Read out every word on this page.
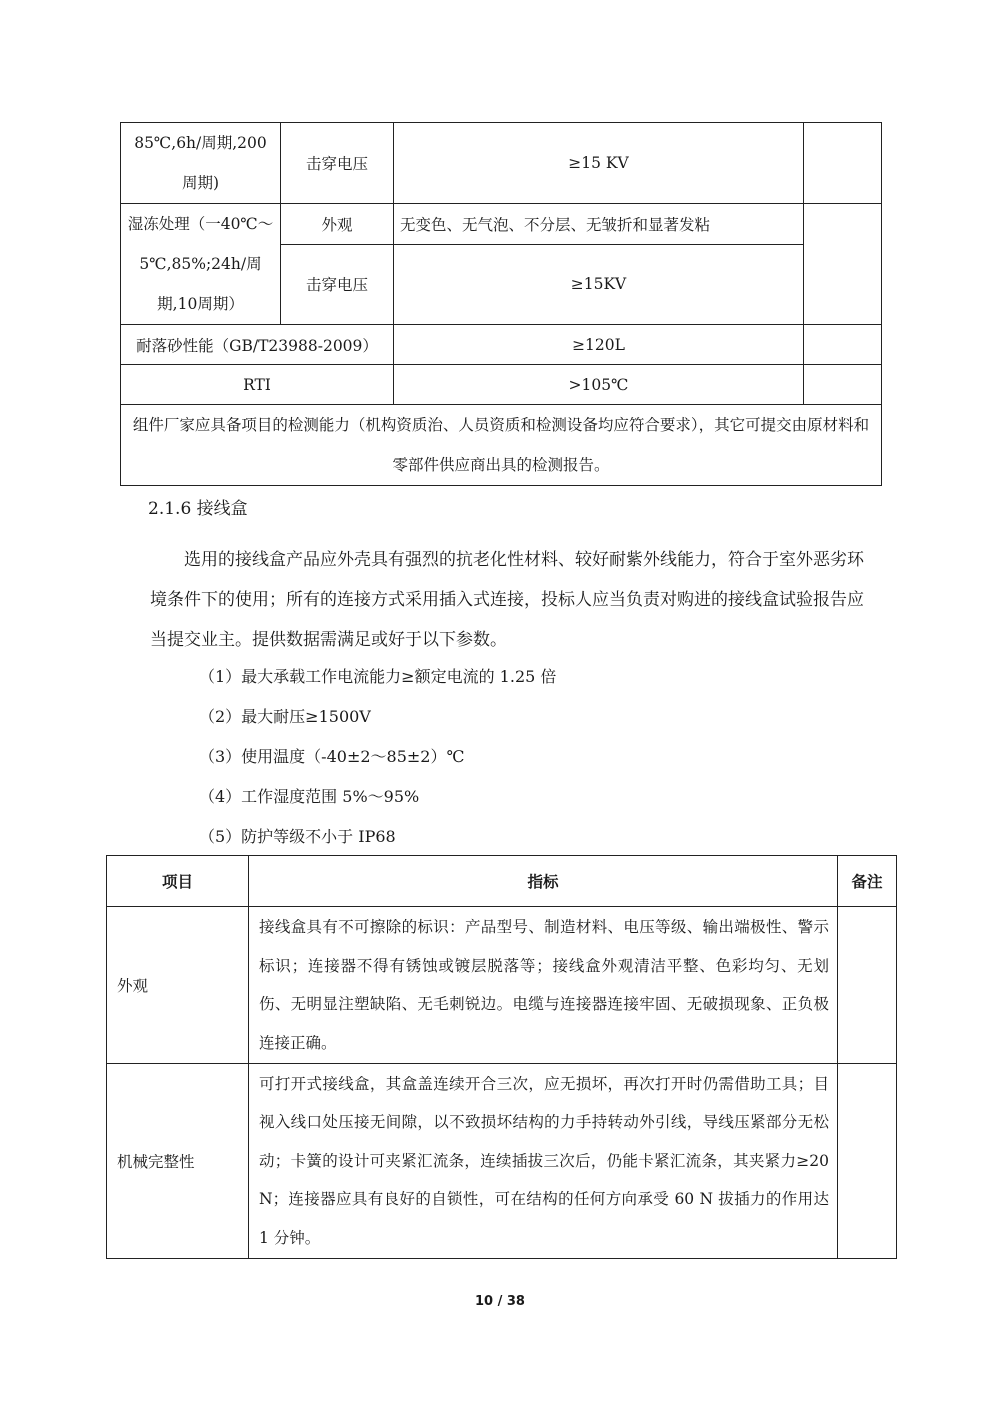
85℃,6h/周期,200周期)	击穿电压	≥15 KV	
湿冻处理（一40℃～5℃,85%;24h/周期,10周期）	外观	无变色、无气泡、不分层、无皱折和显著发粘	
	击穿电压	≥15KV	
耐落砂性能（GB/T23988-2009）		≥120L	
RTI		>105℃	
组件厂家应具备项目的检测能力（机构资质治、人员资质和检测设备均应符合要求），其它可提交由原材料和零部件供应商出具的检测报告。			
2.1.6 接线盒

选用的接线盒产品应外壳具有强烈的抗老化性材料、较好耐紫外线能力，符合于室外恶劣环境条件下的使用；所有的连接方式采用插入式连接，投标人应当负责对购进的接线盒试验报告应当提交业主。提供数据需满足或好于以下参数。

（1）最大承载工作电流能力≥额定电流的 1.25 倍
（2）最大耐压≥1500V
（3）使用温度（-40±2～85±2）℃
（4）工作湿度范围 5%～95%
（5）防护等级不小于 IP68
项目	指标	备注
外观	接线盒具有不可擦除的标识：产品型号、制造材料、电压等级、输出端极性、警示标识；连接器不得有锈蚀或镀层脱落等；接线盒外观清洁平整、色彩均匀、无划伤、无明显注塑缺陷、无毛刺锐边。电缆与连接器连接牢固、无破损现象、正负极连接正确。	
机械完整性	可打开式接线盒，其盒盖连续开合三次，应无损坏，再次打开时仍需借助工具；目视入线口处压接无间隙，以不致损坏结构的力手持转动外引线，导线压紧部分无松动；卡簧的设计可夹紧汇流条，连续插拔三次后，仍能卡紧汇流条，其夹紧力≥20 N；连接器应具有良好的自锁性，可在结构的任何方向承受 60 N 拔插力的作用达 1 分钟。	
10 / 38
